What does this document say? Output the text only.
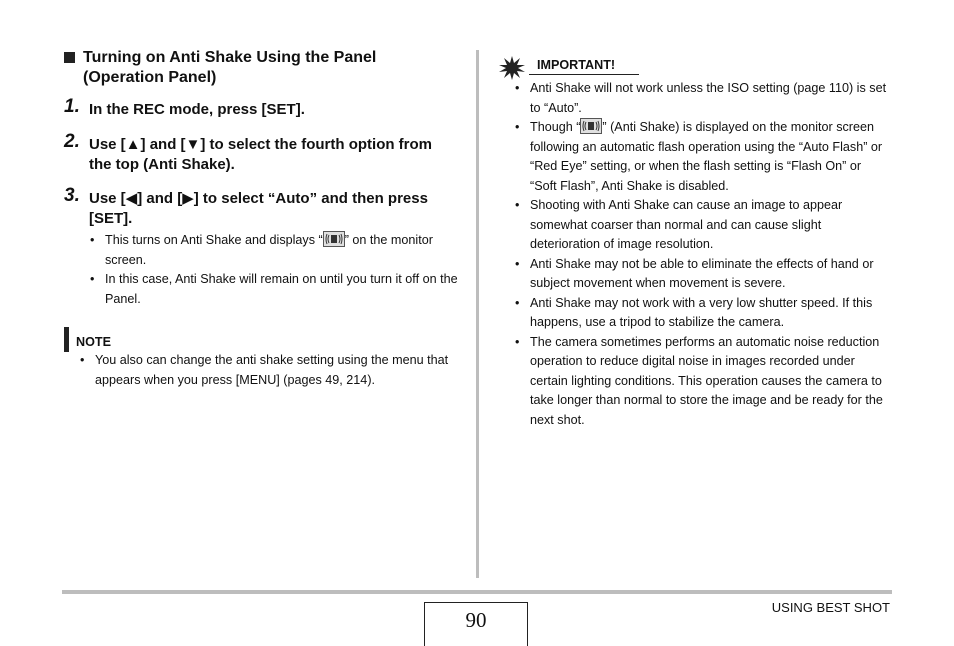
Turning on Anti Shake Using the Panel (Operation Panel)
1. In the REC mode, press [SET].
2. Use [▲] and [▼] to select the fourth option from the top (Anti Shake).
3. Use [◀] and [▶] to select “Auto” and then press [SET].

• This turns on Anti Shake and displays “ ” on the monitor screen.

• In this case, Anti Shake will remain on until you turn it off on the Panel.

NOTE

• You also can change the anti shake setting using the menu that appears when you press [MENU] (pages 49, 214).

IMPORTANT!

• Anti Shake will not work unless the ISO setting (page 110) is set to “Auto”.

• Though “ ” (Anti Shake) is displayed on the monitor screen following an automatic flash operation using the “Auto Flash” or “Red Eye” setting, or when the flash setting is “Flash On” or “Soft Flash”, Anti Shake is disabled.

• Shooting with Anti Shake can cause an image to appear somewhat coarser than normal and can cause slight deterioration of image resolution.

• Anti Shake may not be able to eliminate the effects of hand or subject movement when movement is severe.

• Anti Shake may not work with a very low shutter speed. If this happens, use a tripod to stabilize the camera.

• The camera sometimes performs an automatic noise reduction operation to reduce digital noise in images recorded under certain lighting conditions. This operation causes the camera to take longer than normal to store the image and be ready for the next shot.

90
USING BEST SHOT
